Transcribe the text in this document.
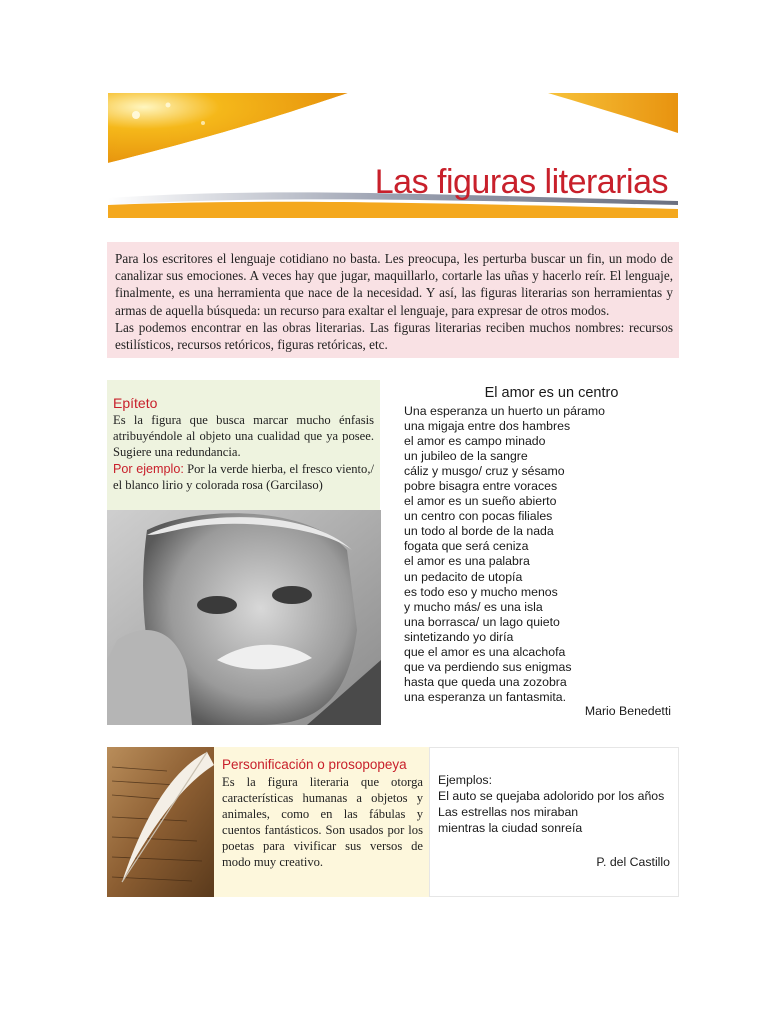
Las figuras literarias

Para los escritores el lenguaje cotidiano no basta. Les preocupa, les perturba buscar un fin, un modo de canalizar sus emociones. A veces hay que jugar, maquillarlo, cortarle las uñas y hacerlo reír. El lenguaje, finalmente, es una herramienta que nace de la necesidad. Y así, las figuras literarias son herramientas y armas de aquella búsqueda: un recurso para exaltar el lenguaje, para expresar de otros modos.

Las podemos encontrar en las obras literarias. Las figuras literarias reciben muchos nombres: recursos estilísticos, recursos retóricos, figuras retóricas, etc.

Epíteto
Es la figura que busca marcar mucho énfasis atribuyéndole al objeto una cualidad que ya posee. Sugiere una redundancia.
Por ejemplo: Por la verde hierba, el fresco viento,/ el blanco lirio y colorada rosa (Garcilaso)
El amor es un centro
Una esperanza un huerto un páramo
una migaja entre dos hambres
el amor es campo minado
un jubileo de la sangre
cáliz y musgo/ cruz y sésamo
pobre bisagra entre voraces
el amor es un sueño abierto
un centro con pocas filiales
un todo al borde de la nada
fogata que será ceniza
el amor es una palabra
un pedacito de utopía
es todo eso y mucho menos
y mucho más/ es una isla
una borrasca/ un lago quieto
sintetizando yo diría
que el amor es una alcachofa
que va perdiendo sus enigmas
hasta que queda una zozobra
una esperanza un fantasmita.
Mario Benedetti
Personificación o prosopopeya
Es la figura literaria que otorga características humanas a objetos y animales, como en las fábulas y cuentos fantásticos. Son usados por los poetas para vivificar sus versos de modo muy creativo.
Ejemplos:
El auto se quejaba adolorido por los años
Las estrellas nos miraban
mientras la ciudad sonreía
P. del Castillo
